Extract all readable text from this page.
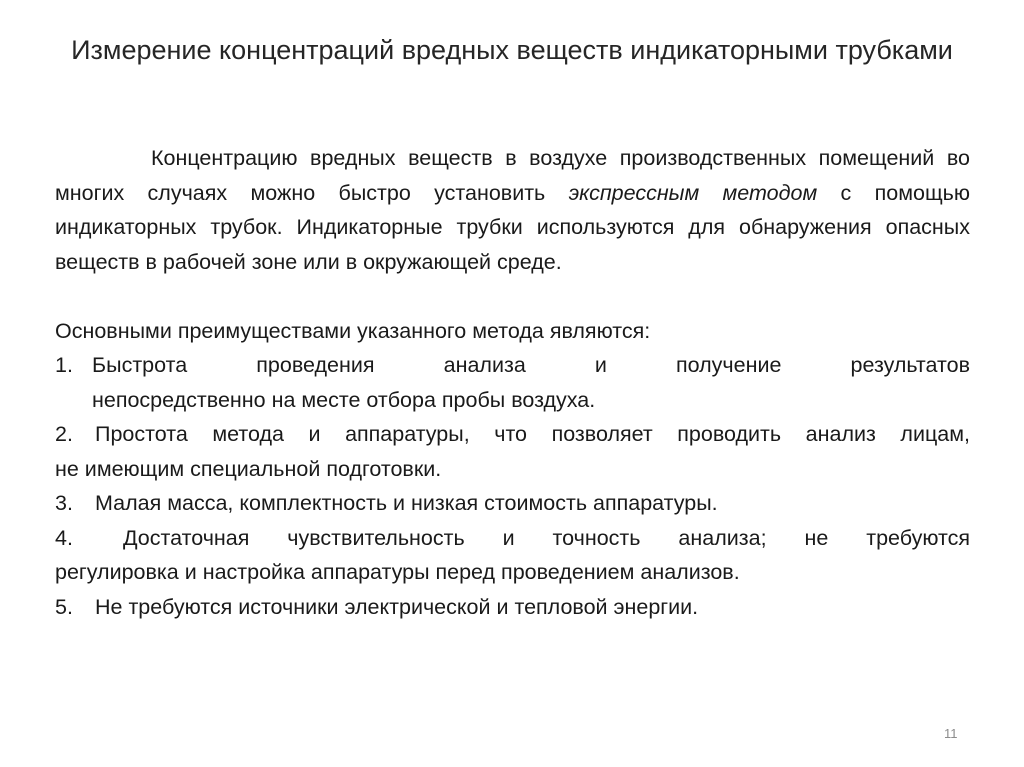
Измерение концентраций вредных веществ индикаторными трубками

Концентрацию вредных веществ в воздухе производственных помещений во многих случаях можно быстро установить экспрессным методом с помощью индикаторных трубок. Индикаторные трубки используются для обнаружения опасных веществ в рабочей зоне или в окружающей среде.

Основными преимуществами указанного метода являются:

1. Быстрота проведения анализа и получение результатов
непосредственно на месте отбора пробы воздуха.
2. Простота метода и аппаратуры, что позволяет проводить анализ лицам,
не имеющим специальной подготовки.
3. Малая масса, комплектность и низкая стоимость аппаратуры.
4. Достаточная чувствительность и точность анализа; не требуются
регулировка и настройка аппаратуры перед проведением анализов.
5. Не требуются источники электрической и тепловой энергии.
11
